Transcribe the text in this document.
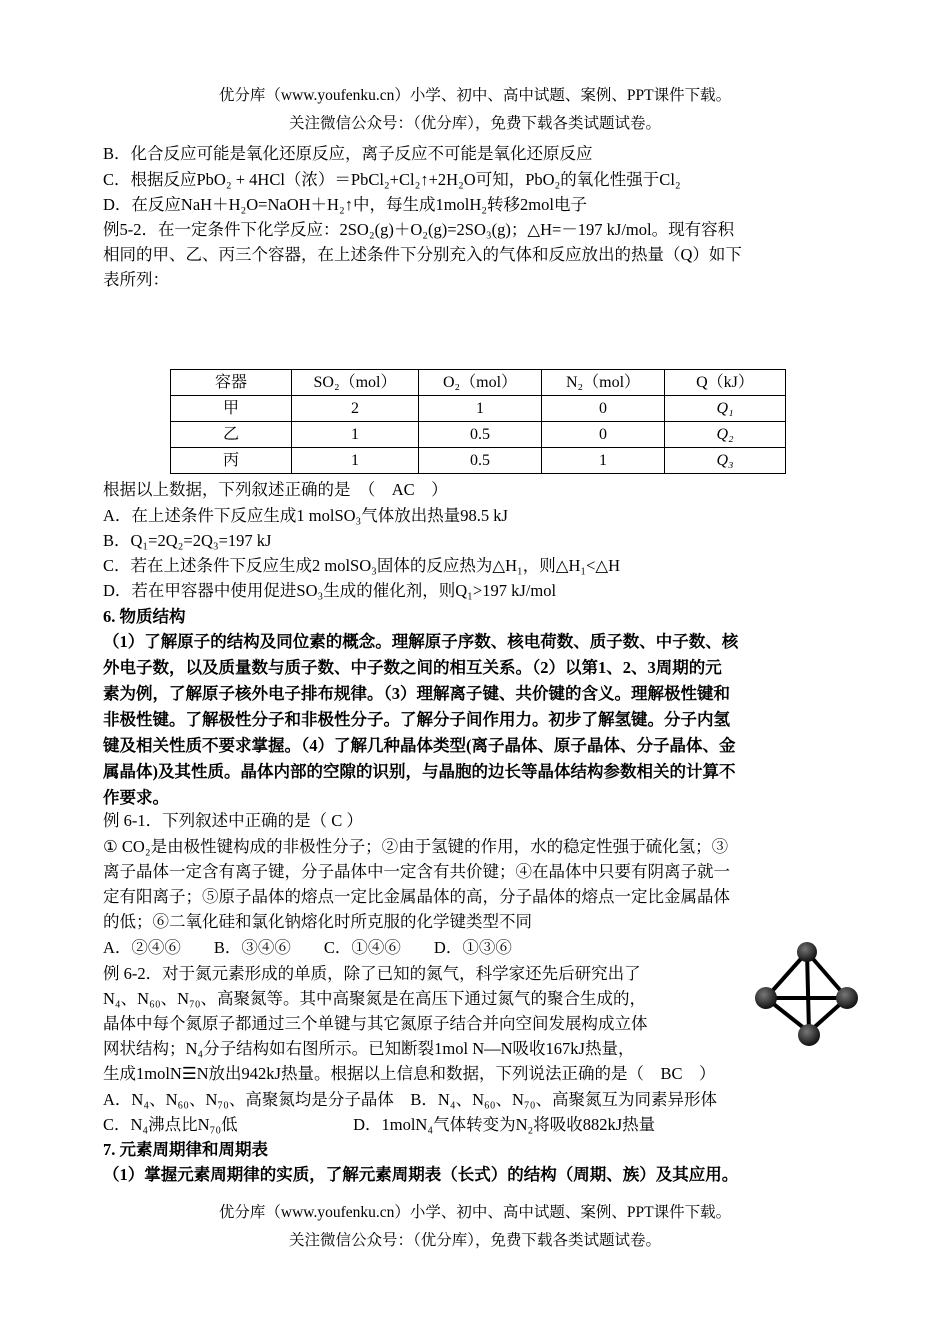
优分库（www.youfenku.cn）小学、初中、高中试题、案例、PPT课件下载。
关注微信公众号：（优分库），免费下载各类试题试卷。
B．化合反应可能是氧化还原反应，离子反应不可能是氧化还原反应
C．根据反应PbO₂ + 4HCl（浓）＝PbCl₂+Cl₂↑+2H₂O可知，PbO₂的氧化性强于Cl₂
D．在反应NaH＋H₂O=NaOH＋H₂↑中，每生成1molH₂转移2mol电子
例5-2．在一定条件下化学反应：2SO₂(g)＋O₂(g)=2SO₃(g)；△H=－197 kJ/mol。现有容积
相同的甲、乙、丙三个容器，在上述条件下分别充入的气体和反应放出的热量（Q）如下
表所列：
容器	SO₂（mol）	O₂（mol）	N₂（mol）	Q（kJ）
甲	2	1	0	Q₁
乙	1	0.5	0	Q₂
丙	1	0.5	1	Q₃
根据以上数据，下列叙述正确的是　（　AC　）
A．在上述条件下反应生成1 molSO₃气体放出热量98.5 kJ
B．Q₁=2Q₂=2Q₃=197 kJ
C．若在上述条件下反应生成2 molSO₃固体的反应热为△H₁，则△H₁<△H
D．若在甲容器中使用促进SO₃生成的催化剂，则Q₁>197 kJ/mol
6. 物质结构
（1）了解原子的结构及同位素的概念。理解原子序数、核电荷数、质子数、中子数、核
外电子数，以及质量数与质子数、中子数之间的相互关系。（2）以第1、2、3周期的元
素为例，了解原子核外电子排布规律。（3）理解离子键、共价键的含义。理解极性键和
非极性键。了解极性分子和非极性分子。了解分子间作用力。初步了解氢键。分子内氢
键及相关性质不要求掌握。（4）了解几种晶体类型(离子晶体、原子晶体、分子晶体、金
属晶体)及其性质。晶体内部的空隙的识别，与晶胞的边长等晶体结构参数相关的计算不
作要求。
例 6-1．下列叙述中正确的是（ C ）
① CO₂是由极性键构成的非极性分子；②由于氢键的作用，水的稳定性强于硫化氢；③
离子晶体一定含有离子键，分子晶体中一定含有共价键；④在晶体中只要有阴离子就一
定有阳离子；⑤原子晶体的熔点一定比金属晶体的高，分子晶体的熔点一定比金属晶体
的低；⑥二氧化硅和氯化钠熔化时所克服的化学键类型不同
A．②④⑥　　B．③④⑥　　C．①④⑥　　D．①③⑥
例 6-2．对于氮元素形成的单质，除了已知的氮气，科学家还先后研究出了
N₄、N₆₀、N₇₀、高聚氮等。其中高聚氮是在高压下通过氮气的聚合生成的，
晶体中每个氮原子都通过三个单键与其它氮原子结合并向空间发展构成立体
网状结构；N₄分子结构如右图所示。已知断裂1mol N—N吸收167kJ热量，
生成1molN☰N放出942kJ热量。根据以上信息和数据，下列说法正确的是（　BC　）
A．N₄、N₆₀、N₇₀、高聚氮均是分子晶体　B．N₄、N₆₀、N₇₀、高聚氮互为同素异形体
C．N₄沸点比N₇₀低　　　　　　　D．1molN₄气体转变为N₂将吸收882kJ热量
7. 元素周期律和周期表
（1）掌握元素周期律的实质，了解元素周期表（长式）的结构（周期、族）及其应用。
优分库（www.youfenku.cn）小学、初中、高中试题、案例、PPT课件下载。
关注微信公众号：（优分库），免费下载各类试题试卷。
